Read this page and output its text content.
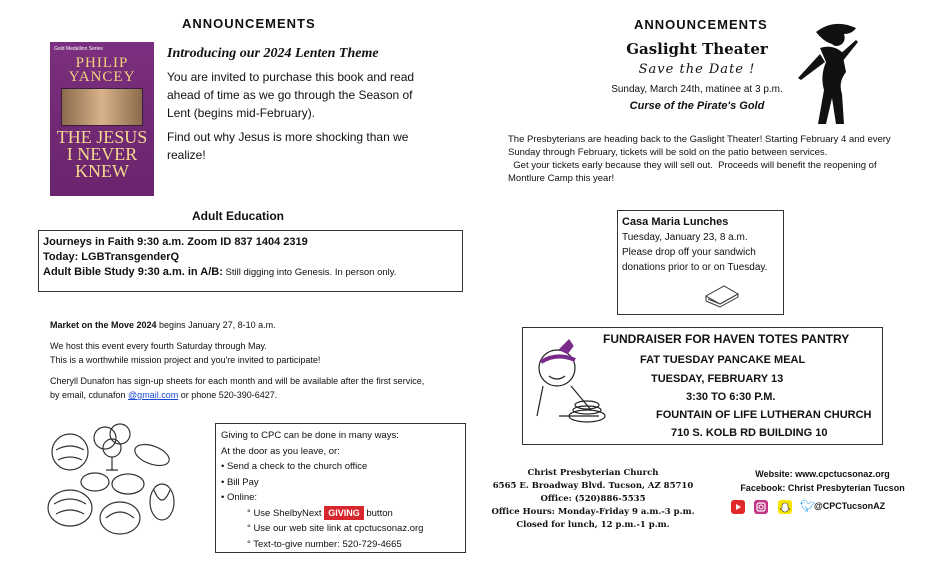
ANNOUNCEMENTS
Gold Medallion Series
PHILIP YANCEY
THE JESUS I NEVER KNEW
Introducing our 2024 Lenten Theme

You are invited to purchase this book and read ahead of time as we go through the Season of Lent (begins mid-February).

Find out why Jesus is more shocking than we realize!

Adult Education
Journeys in Faith 9:30 a.m. Zoom ID 837 1404 2319
Today: LGBTransgenderQ
Adult Bible Study 9:30 a.m. in A/B: Still digging into Genesis. In person only.
Market on the Move 2024 begins January 27, 8-10 a.m.
We host this event every fourth Saturday through May.
This is a worthwhile mission project and you're invited to participate!
Cheryll Dunafon has sign-up sheets for each month and will be available after the first service, by email, cdunafon @gmail.com or phone 520-390-6427.
Giving to CPC can be done in many ways:
At the door as you leave, or:
• Send a check to the church office
• Bill Pay
• Online:
° Use ShelbyNext GIVING button
° Use our web site link at cpctucsonaz.org
° Text-to-give number: 520-729-4665
ANNOUNCEMENTS
Gaslight Theater
Save the Date !
Sunday, March 24th, matinee at 3 p.m.
Curse of the Pirate's Gold
The Presbyterians are heading back to the Gaslight Theater! Starting February 4 and every Sunday through February, tickets will be sold on the patio between services.
Get your tickets early because they will sell out.  Proceeds will benefit the reopening of Montlure Camp this year!
Casa Maria Lunches
Tuesday, January 23, 8 a.m.
Please drop off your sandwich donations prior to or on Tuesday.
FUNDRAISER FOR HAVEN TOTES PANTRY
FAT TUESDAY PANCAKE MEAL
TUESDAY, FEBRUARY 13
3:30 TO 6:30 P.M.
FOUNTAIN OF LIFE LUTHERAN CHURCH
710 S. KOLB RD BUILDING 10
Christ Presbyterian Church
6565 E. Broadway Blvd. Tucson, AZ 85710
Office: (520)886-5535
Office Hours: Monday-Friday 9 a.m.-3 p.m.
Closed for lunch, 12 p.m.-1 p.m.
Website: www.cpctucsonaz.org
Facebook: Christ Presbyterian Tucson
🐦︎
@CPCTucsonAZ
